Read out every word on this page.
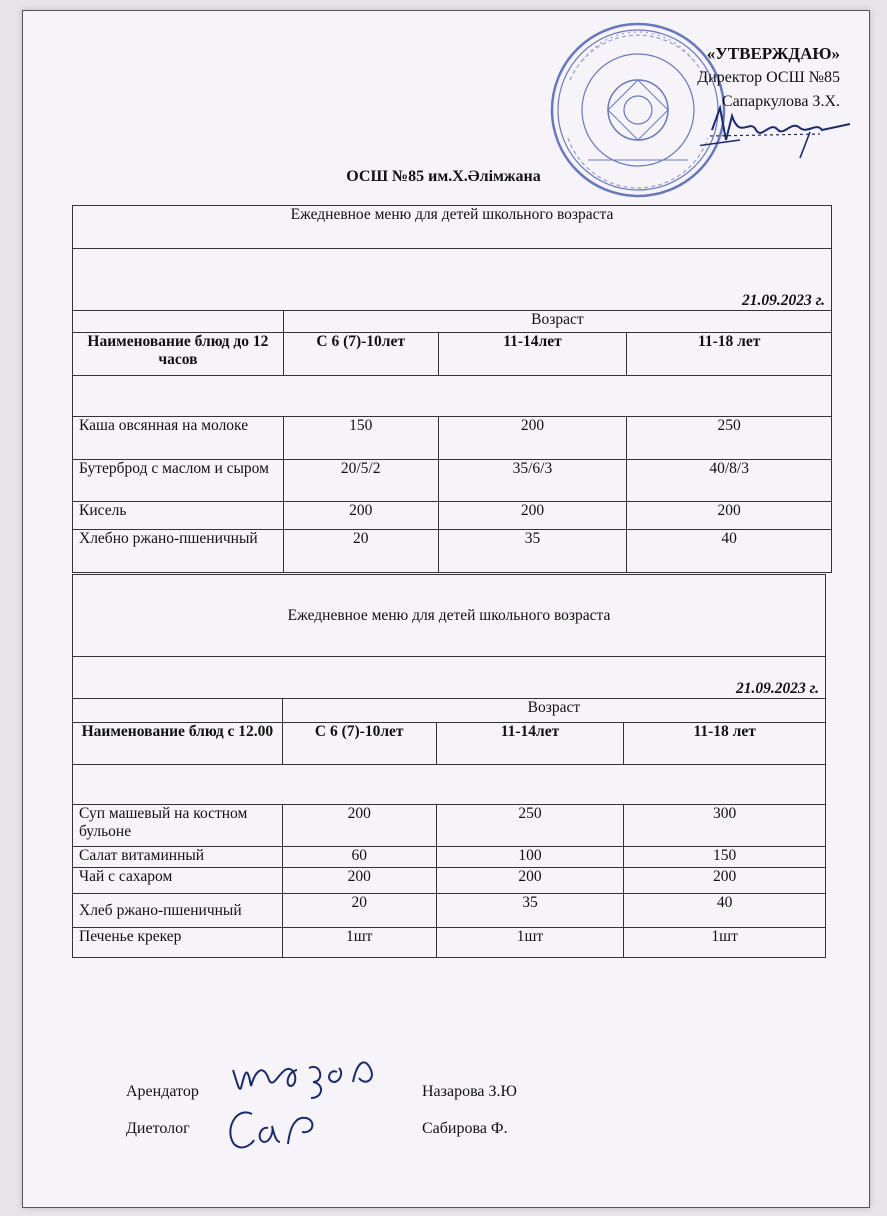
«УТВЕРЖДАЮ»
Директор ОСШ №85
Сапаркулова З.Х.
ОСШ №85 им.Х.Әлімжана
Ежедневное меню для детей школьного возраста			
21.09.2023 г.			
	Возраст		
Наименование блюд до 12 часов	С 6 (7)-10лет	11-14лет	11-18 лет

Каша овсянная на молоке	150	200	250
Бутерброд с маслом и сыром	20/5/2	35/6/3	40/8/3
Кисель	200	200	200
Хлебно ржано-пшеничный	20	35	40
Ежедневное меню для детей школьного возраста			
21.09.2023 г.			
	Возраст		
Наименование блюд с 12.00	С 6 (7)-10лет	11-14лет	11-18 лет

Суп машевый на костном бульоне	200	250	300
Салат витаминный	60	100	150
Чай с сахаром	200	200	200
Хлеб ржано-пшеничный	20	35	40
Печенье крекер	1шт	1шт	1шт
Арендатор	Назарова З.Ю
Диетолог	Сабирова Ф.
